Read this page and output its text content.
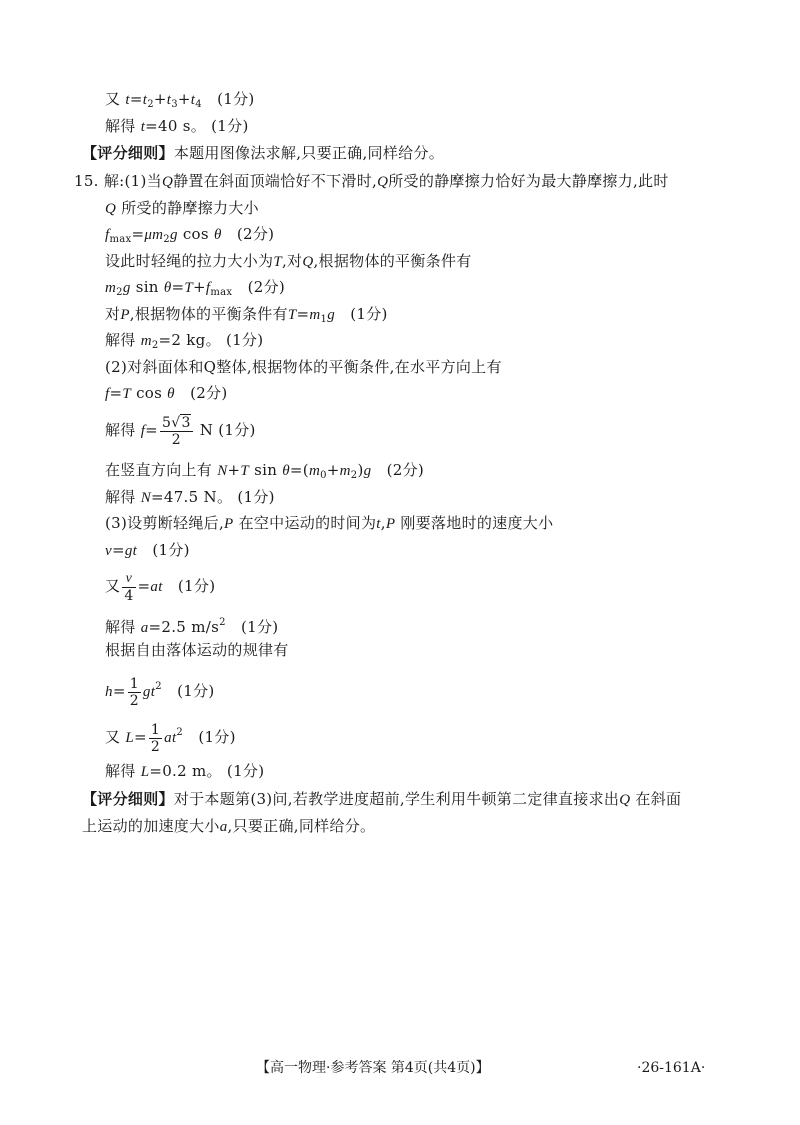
又 $t=t_2+t_3+t_4$ (1分)
解得 t=40 s。 (1分)
【评分细则】本题用图像法求解,只要正确,同样给分。
15. 解:(1)当Q静置在斜面顶端恰好不下滑时,Q所受的静摩擦力恰好为最大静摩擦力,此时
Q 所受的静摩擦力大小
$f_{max}=\mu m_2g$ cos θ (2分)
设此时轻绳的拉力大小为T,对Q,根据物体的平衡条件有
$m_2g$ $\sin \theta=T+f_{max}$ (2分)
对P,根据物体的平衡条件有$T=m_1g$ (1分)
解得 $m_2=2$ kg。 (1分)
(2)对斜面体和Q整体,根据物体的平衡条件,在水平方向上有
f=T cos θ (2分)
解得 $f= \frac{5√3}{2}$ N (1分)
在竖直方向上有 N+T $\sin \theta=(m_0+m_2)g$ (2分)
解得 N=47.5 N。 (1分)
(3)设剪断轻绳后,P 在空中运动的时间为t,P 刚要落地时的速度大小
v=gt (1分)
又 $\frac{v}{4} =at$ (1分)
解得 a=2.5 $m/s^2$ (1分)
根据自由落体运动的规律有
$h= \frac{1}{2} gt^2$ (1分)
又 $L= \frac{1}{2} at^2$ (1分)
解得 L=0.2 m。 (1分)
【评分细则】对于本题第(3)问,若教学进度超前,学生利用牛顿第二定律直接求出Q 在斜面
上运动的加速度大小a,只要正确,同样给分。
【高一物理·参考答案 第4页(共4页)】	·26-161A·
